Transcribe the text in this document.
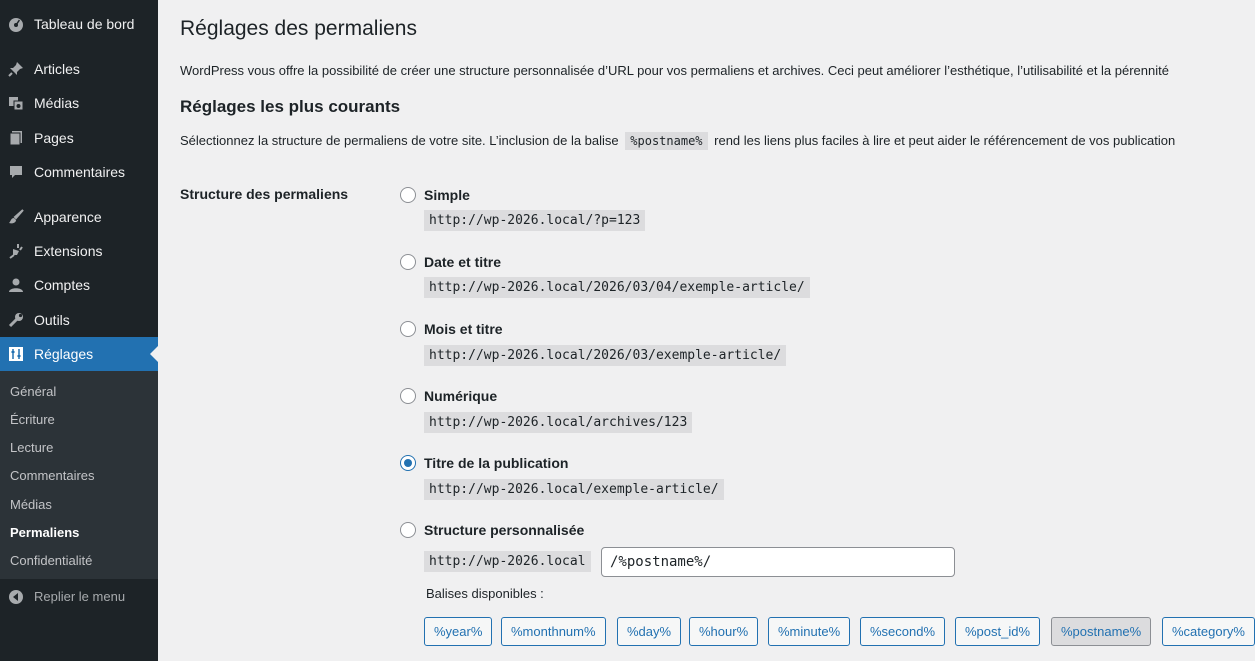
Tableau de bord
Articles
Médias
Pages
Commentaires
Apparence
Extensions
Comptes
Outils
Réglages
Général
Écriture
Lecture
Commentaires
Médias
Permaliens
Confidentialité
Replier le menu
Réglages des permaliens
WordPress vous offre la possibilité de créer une structure personnalisée d’URL pour vos permaliens et archives. Ceci peut améliorer l’esthétique, l’utilisabilité et la pérennité
Réglages les plus courants
Sélectionnez la structure de permaliens de votre site. L’inclusion de la balise %postname% rend les liens plus faciles à lire et peut aider le référencement de vos publication
Structure des permaliens	Simple
http://wp-2026.local/?p=123
Date et titre
http://wp-2026.local/2026/03/04/exemple-article/
Mois et titre
http://wp-2026.local/2026/03/exemple-article/
Numérique
http://wp-2026.local/archives/123
Titre de la publication
http://wp-2026.local/exemple-article/
Structure personnalisée
http://wp-2026.local
/%postname%/
Balises disponibles :
%year%	%monthnum%	%day%	%hour%	%minute%	%second%	%post_id%	%postname%	%category%
